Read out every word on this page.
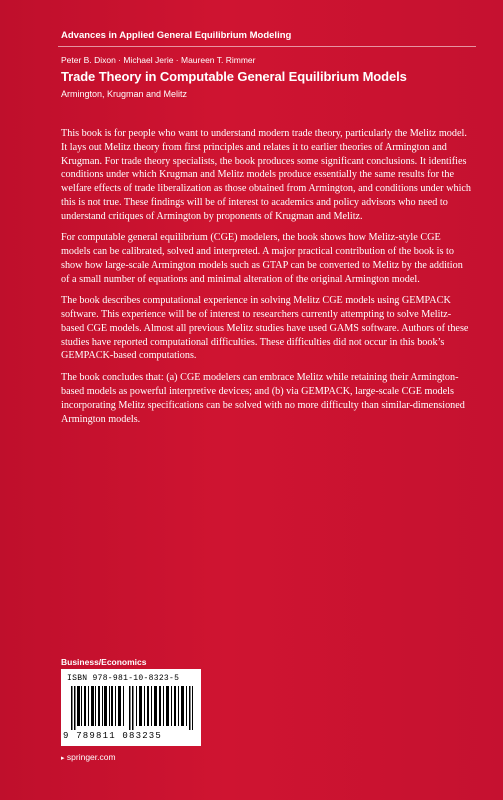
Advances in Applied General Equilibrium Modeling
Peter B. Dixon · Michael Jerie · Maureen T. Rimmer
Trade Theory in Computable General Equilibrium Models
Armington, Krugman and Melitz

This book is for people who want to understand modern trade theory, particularly the Melitz model. It lays out Melitz theory from first principles and relates it to earlier theories of Armington and Krugman. For trade theory specialists, the book produces some significant conclusions. It identifies conditions under which Krugman and Melitz models produce essentially the same results for the welfare effects of trade liberalization as those obtained from Armington, and conditions under which this is not true. These findings will be of interest to academics and policy advisors who need to understand critiques of Armington by proponents of Krugman and Melitz.

For computable general equilibrium (CGE) modelers, the book shows how Melitz-style CGE models can be calibrated, solved and interpreted. A major practical contribution of the book is to show how large-scale Armington models such as GTAP can be converted to Melitz by the addition of a small number of equations and minimal alteration of the original Armington model.

The book describes computational experience in solving Melitz CGE models using GEMPACK software. This experience will be of interest to researchers currently attempting to solve Melitz-based CGE models. Almost all previous Melitz studies have used GAMS software. Authors of these studies have reported computational difficulties. These difficulties did not occur in this book’s GEMPACK-based computations.

The book concludes that: (a) CGE modelers can embrace Melitz while retaining their Armington-based models as powerful interpretive devices; and (b) via GEMPACK, large-scale CGE models incorporating Melitz specifications can be solved with no more difficulty than similar-dimensioned Armington models.

Business/Economics
ISBN 978-981-10-8323-5
9 789811 083235
▸ springer.com
